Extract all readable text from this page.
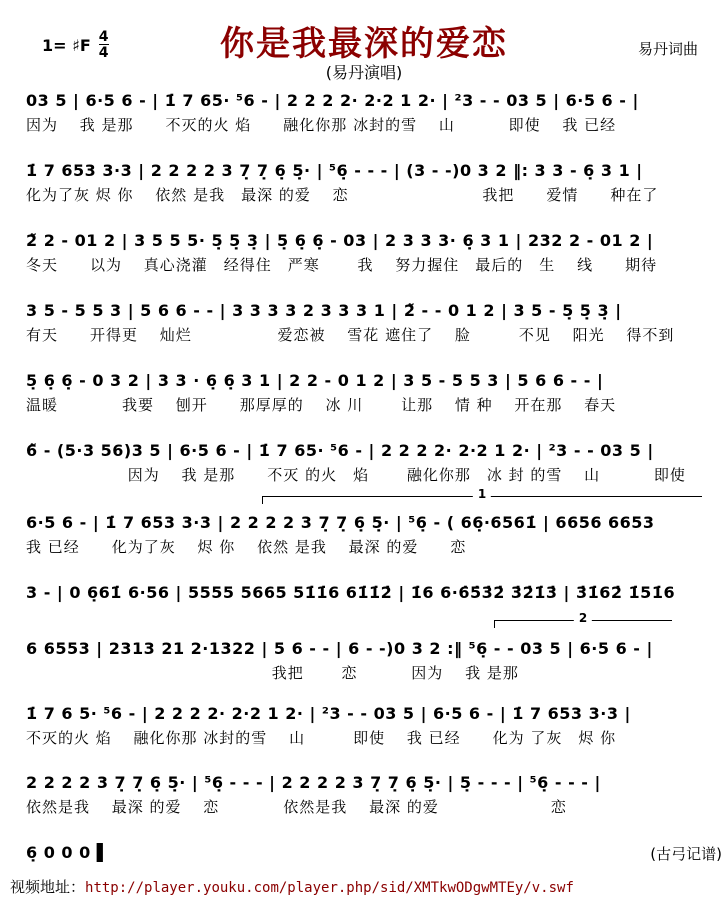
1= ♯F 4
4	你是我最深的爱恋
(易丹演唱)
易丹词曲
03 5 | 6·5 6 - | 1̇ 7 65· ⁵6 - | 2 2 2 2· 2·2 1 2· | ²3 - - 03 5 | 6·5 6 - |
因为　 我 是那　　不灭的火 焰　　融化你那 冰封的雪　 山　　　 即使　 我 已经
1̇ 7 653 3·3 | 2 2 2 2 3 7̣ 7̣ 6̣ 5̣· | ⁵6̣ - - - | (3 - -)0 3 2 ‖: 3 3 - 6̣ 3 1 |
化为了灰 烬 你　 依然 是我　最深 的爱　 恋　　　　　　　　 我把　　爱情　　种在了
2̃ 2 - 01 2 | 3 5 5 5· 5̣ 5̣ 3̣ | 5̣ 6̣ 6̣ - 03 | 2 3 3 3· 6̣ 3 1 | 232 2 - 01 2 |
冬天　　以为　 真心浇灌　经得住　严寒　　 我　 努力握住　最后的　生　 线　　期待
3 5 - 5 5 3 | 5 6 6 - - | 3 3 3 3 2 3 3 3 1 | 2̃ - - 0 1 2 | 3 5 - 5̣ 5̣ 3̣ |
有天　　开得更　 灿烂　　　　　 爱恋被　 雪花 遮住了　 脸　　　不见　 阳光　 得不到
5̣ 6̣ 6̣ - 0 3 2 | 3 3 · 6̣ 6̣ 3 1 | 2 2 - 0 1 2 | 3 5 - 5 5 3 | 5 6 6 - - |
温暖　　　　我要　 刨开　　那厚厚的　 冰 川　　 让那　 情 种　 开在那　 春天
6̃ - (5·3 56)3 5 | 6·5 6 - | 1̇ 7 65· ⁵6 - | 2 2 2 2· 2·2 1 2· | ²3 - - 03 5 |
　　　　　　 因为　 我 是那　　不灭 的火　焰　　 融化你那　冰 封 的雪　 山　　　 即使
6·5 6 - | 1̇ 7 653 3·3 | 2 2 2 2 3 7̣ 7̣ 6̣ 5̣· | ⁵6̣ - ( 66̣·6561̇ | 6656 6653
我 已经　　化为了灰　 烬 你　 依然 是我　 最深 的爱　　恋
3 - | 0 6̣61̇ 6·56 | 5555 5665 51̇1̇6 61̇1̇2̇ | 1̇6 6·6̇5̇3̇2̇ 3̇2̇1̇3̇ | 3̇1̇62̇ 1̇51̇6
6 6553 | 2313 21 2·1322 | 5 6 - - | 6 - -)0 3 2 :‖ ⁵6̣ - - 03 5 | 6·5 6 - |
　　　　　　　　　　　　　　　 我把　　 恋　　　 因为　 我 是那
1̇ 7 6 5· ⁵6 - | 2 2 2 2· 2·2 1 2· | ²3 - - 03 5 | 6·5 6 - | 1̇ 7 653 3·3 |
不灭的火 焰　 融化你那 冰封的雪　 山　　　即使　 我 已经　　化为 了灰　烬 你
2 2 2 2 3 7̣ 7̣ 6̣ 5̣· | ⁵6̣ - - - | 2 2 2 2 3 7̣ 7̣ 6̣ 5̣· | 5̣ - - - | ⁵6̣ - - - |
依然是我　 最深 的爱　 恋　　　　依然是我　 最深 的爱　　　　　　　恋
6̣ 0 0 0 ▌	(古弓记谱)
1
2
视频地址：http://player.youku.com/player.php/sid/XMTkwODgwMTEy/v.swf
